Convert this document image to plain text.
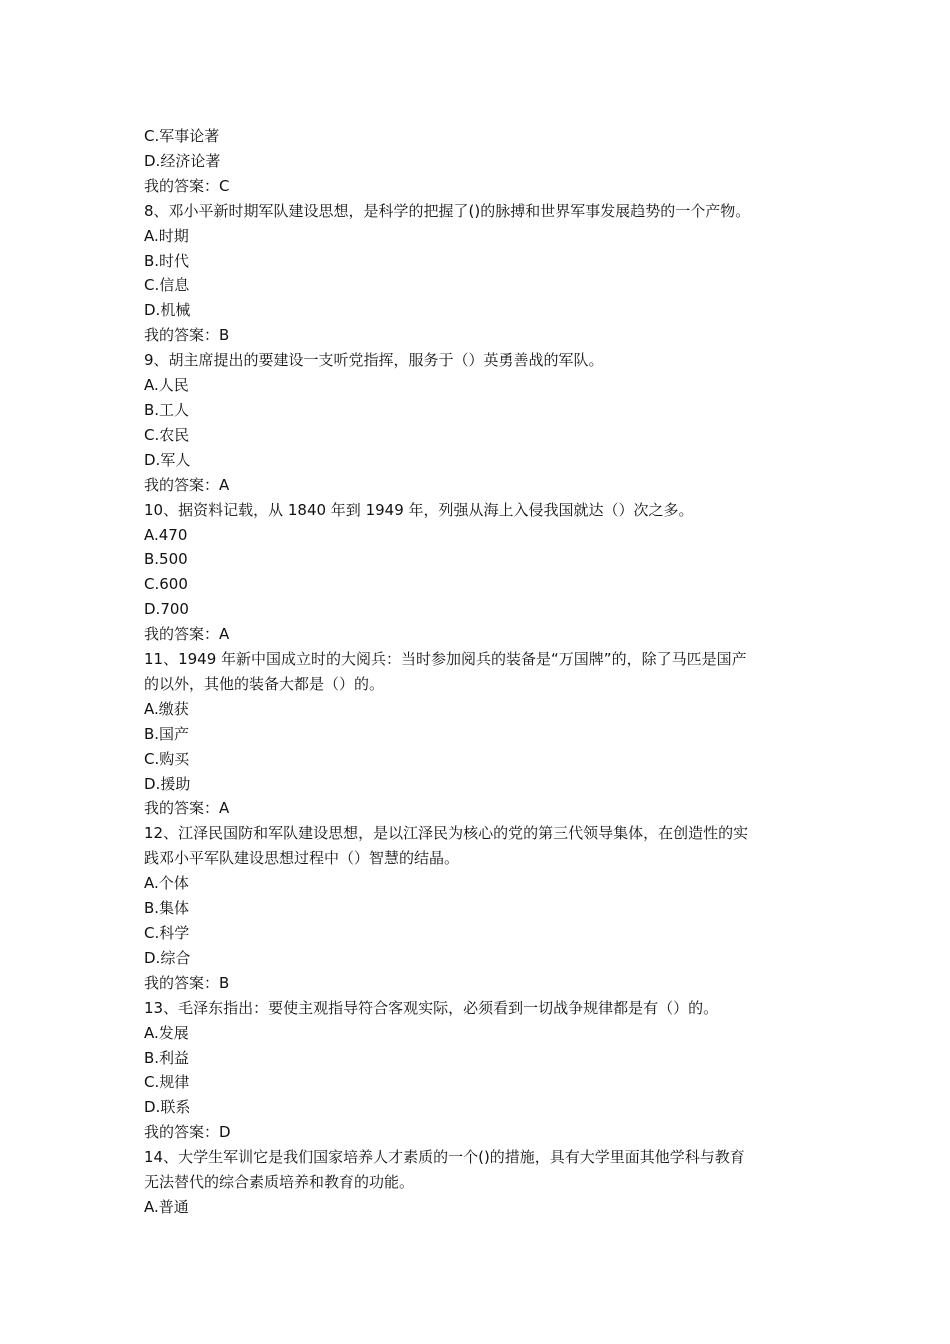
C.军事论著
D.经济论著
我的答案：C
8、邓小平新时期军队建设思想，是科学的把握了()的脉搏和世界军事发展趋势的一个产物。
A.时期
B.时代
C.信息
D.机械
我的答案：B
9、胡主席提出的要建设一支听党指挥，服务于（）英勇善战的军队。
A.人民
B.工人
C.农民
D.军人
我的答案：A
10、据资料记载，从 1840 年到 1949 年，列强从海上入侵我国就达（）次之多。
A.470
B.500
C.600
D.700
我的答案：A
11、1949 年新中国成立时的大阅兵：当时参加阅兵的装备是“万国牌”的，除了马匹是国产
的以外，其他的装备大都是（）的。
A.缴获
B.国产
C.购买
D.援助
我的答案：A
12、江泽民国防和军队建设思想，是以江泽民为核心的党的第三代领导集体，在创造性的实
践邓小平军队建设思想过程中（）智慧的结晶。
A.个体
B.集体
C.科学
D.综合
我的答案：B
13、毛泽东指出：要使主观指导符合客观实际，必须看到一切战争规律都是有（）的。
A.发展
B.利益
C.规律
D.联系
我的答案：D
14、大学生军训它是我们国家培养人才素质的一个()的措施，具有大学里面其他学科与教育
无法替代的综合素质培养和教育的功能。
A.普通
